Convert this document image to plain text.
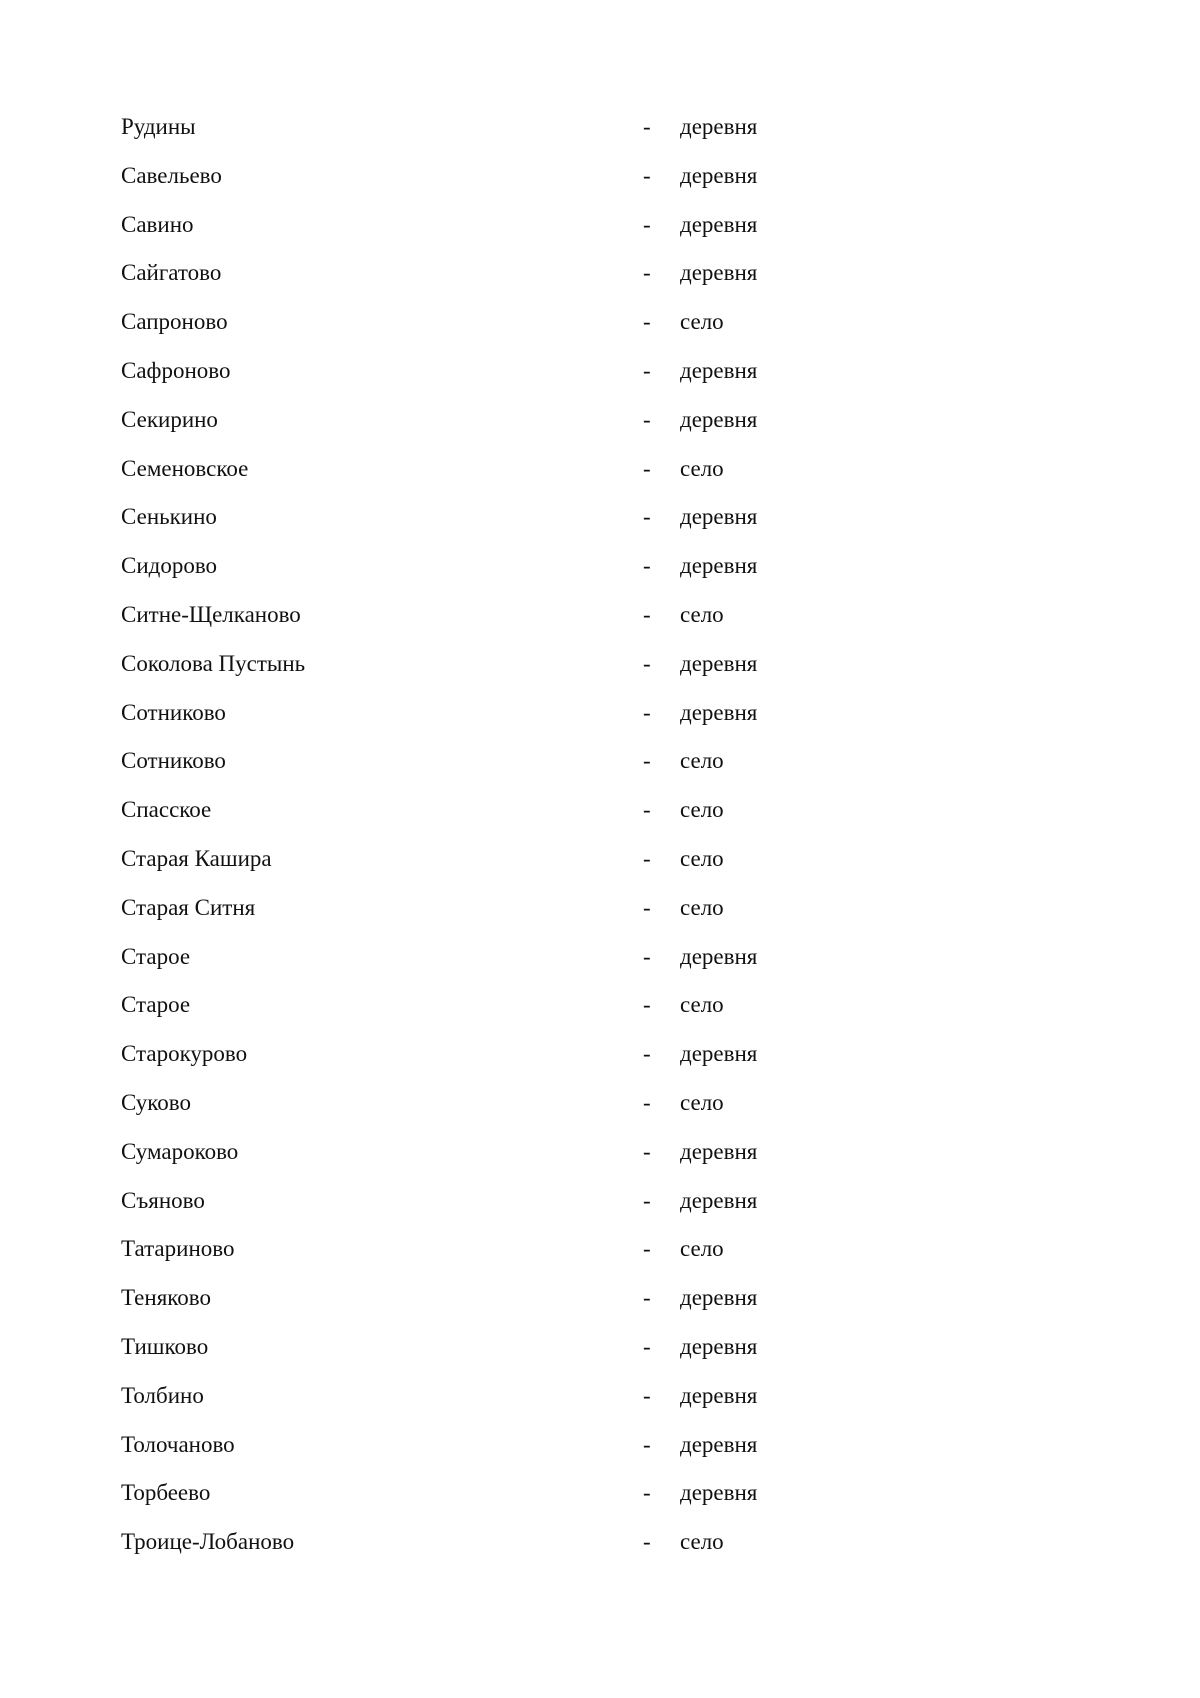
Рудины	- деревня
Савельево	- деревня
Савино	- деревня
Сайгатово	- деревня
Сапроново	- село
Сафроново	- деревня
Секирино	- деревня
Семеновское	- село
Сенькино	- деревня
Сидорово	- деревня
Ситне-Щелканово	- село
Соколова Пустынь	- деревня
Сотниково	- деревня
Сотниково	- село
Спасское	- село
Старая Кашира	- село
Старая Ситня	- село
Старое	- деревня
Старое	- село
Старокурово	- деревня
Суково	- село
Сумароково	- деревня
Съяново	- деревня
Татариново	- село
Теняково	- деревня
Тишково	- деревня
Толбино	- деревня
Толочаново	- деревня
Торбеево	- деревня
Троице-Лобаново	- село
